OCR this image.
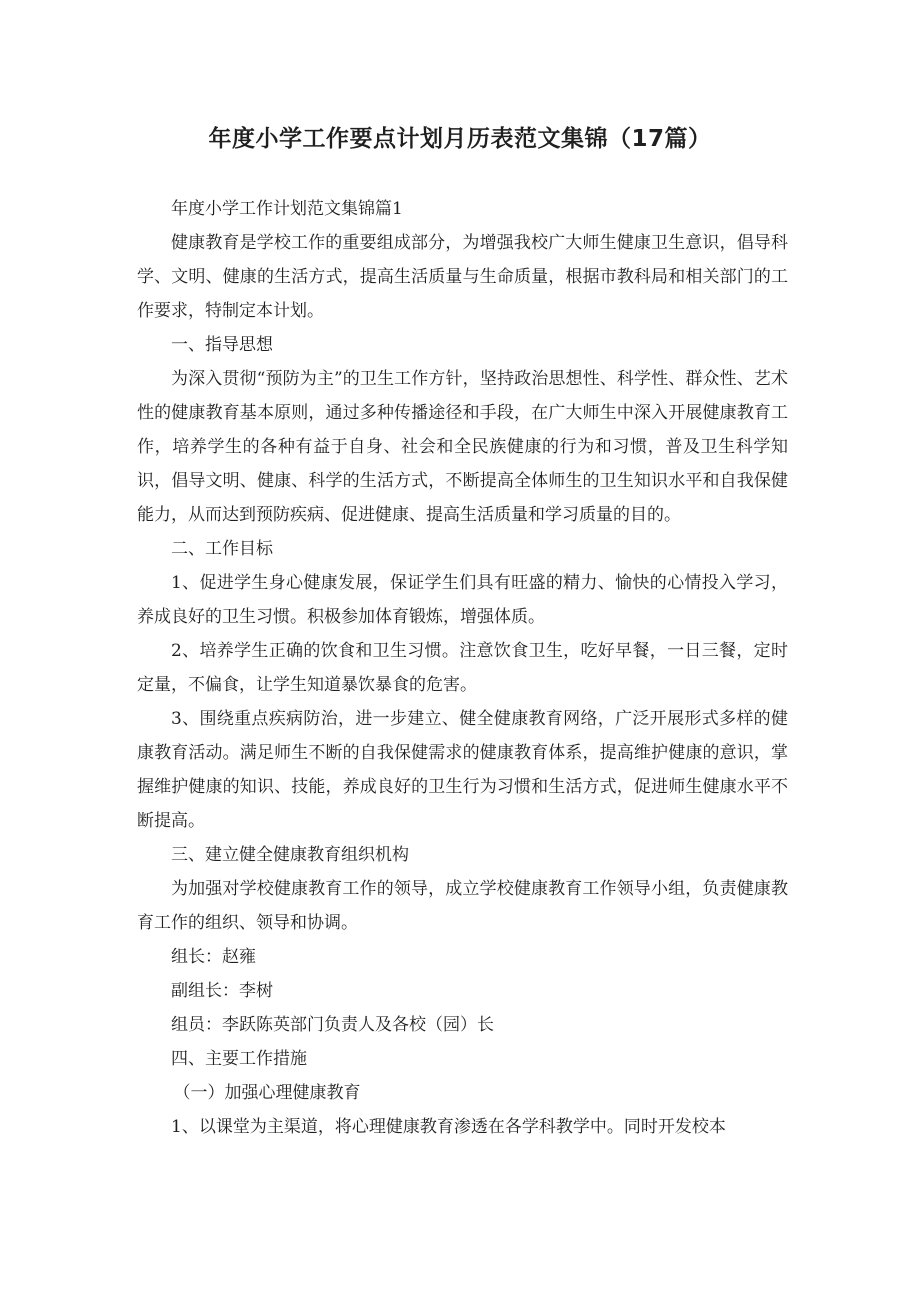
年度小学工作要点计划月历表范文集锦（17篇）

年度小学工作计划范文集锦篇1

健康教育是学校工作的重要组成部分，为增强我校广大师生健康卫生意识，倡导科学、文明、健康的生活方式，提高生活质量与生命质量，根据市教科局和相关部门的工作要求，特制定本计划。

一、指导思想

为深入贯彻“预防为主”的卫生工作方针，坚持政治思想性、科学性、群众性、艺术性的健康教育基本原则，通过多种传播途径和手段，在广大师生中深入开展健康教育工作，培养学生的各种有益于自身、社会和全民族健康的行为和习惯，普及卫生科学知识，倡导文明、健康、科学的生活方式，不断提高全体师生的卫生知识水平和自我保健能力，从而达到预防疾病、促进健康、提高生活质量和学习质量的目的。

二、工作目标

1、促进学生身心健康发展，保证学生们具有旺盛的精力、愉快的心情投入学习，养成良好的卫生习惯。积极参加体育锻炼，增强体质。

2、培养学生正确的饮食和卫生习惯。注意饮食卫生，吃好早餐，一日三餐，定时定量，不偏食，让学生知道暴饮暴食的危害。

3、围绕重点疾病防治，进一步建立、健全健康教育网络，广泛开展形式多样的健康教育活动。满足师生不断的自我保健需求的健康教育体系，提高维护健康的意识，掌握维护健康的知识、技能，养成良好的卫生行为习惯和生活方式，促进师生健康水平不断提高。

三、建立健全健康教育组织机构

为加强对学校健康教育工作的领导，成立学校健康教育工作领导小组，负责健康教育工作的组织、领导和协调。

组长：赵雍

副组长：李树

组员：李跃陈英部门负责人及各校（园）长

四、主要工作措施

（一）加强心理健康教育

1、以课堂为主渠道，将心理健康教育渗透在各学科教学中。同时开发校本
